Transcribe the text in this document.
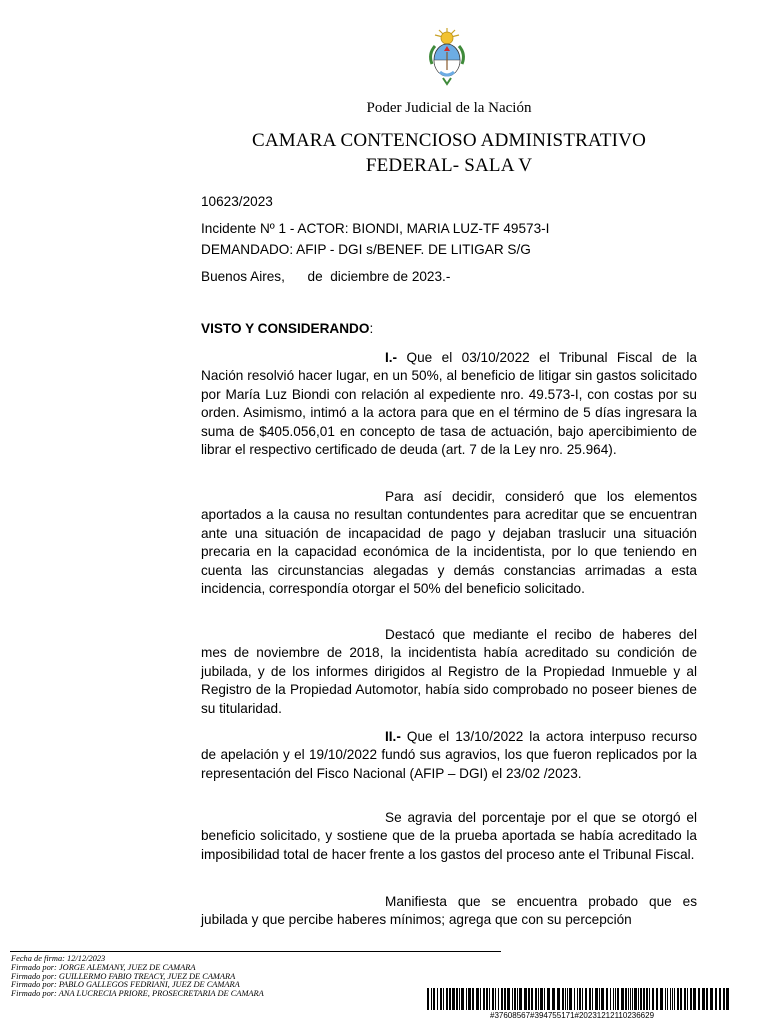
Poder Judicial de la Nación
CAMARA CONTENCIOSO ADMINISTRATIVO
FEDERAL- SALA V
10623/2023
Incidente Nº 1 - ACTOR: BIONDI, MARIA LUZ-TF 49573-I
DEMANDADO: AFIP - DGI s/BENEF. DE LITIGAR S/G
Buenos Aires,      de  diciembre de 2023.-
VISTO Y CONSIDERANDO:

I.- Que el 03/10/2022 el Tribunal Fiscal de la Nación resolvió hacer lugar, en un 50%, al beneficio de litigar sin gastos solicitado por María Luz Biondi con relación al expediente nro. 49.573-I, con costas por su orden. Asimismo, intimó a la actora para que en el término de 5 días ingresara la suma de $405.056,01 en concepto de tasa de actuación, bajo apercibimiento de librar el respectivo certificado de deuda (art. 7 de la Ley nro. 25.964).

Para así decidir, consideró que los elementos aportados a la causa no resultan contundentes para acreditar que se encuentran ante una situación de incapacidad de pago y dejaban traslucir una situación precaria en la capacidad económica de la incidentista, por lo que teniendo en cuenta las circunstancias alegadas y demás constancias arrimadas a esta incidencia, correspondía otorgar el 50% del beneficio solicitado.

Destacó que mediante el recibo de haberes del mes de noviembre de 2018, la incidentista había acreditado su condición de jubilada, y de los informes dirigidos al Registro de la Propiedad Inmueble y al Registro de la Propiedad Automotor, había sido comprobado no poseer bienes de su titularidad.

II.- Que el 13/10/2022 la actora interpuso recurso de apelación y el 19/10/2022 fundó sus agravios, los que fueron replicados por la representación del Fisco Nacional (AFIP – DGI) el 23/02 /2023.

Se agravia del porcentaje por el que se otorgó el beneficio solicitado, y sostiene que de la prueba aportada se había acreditado la imposibilidad total de hacer frente a los gastos del proceso ante el Tribunal Fiscal.

Manifiesta que se encuentra probado que es jubilada y que percibe haberes mínimos; agrega que con su percepción

Fecha de firma: 12/12/2023
Firmado por: JORGE ALEMANY, JUEZ DE CAMARA
Firmado por: GUILLERMO FABIO TREACY, JUEZ DE CAMARA
Firmado por: PABLO GALLEGOS FEDRIANI, JUEZ DE CAMARA
Firmado por: ANA LUCRECIA PRIORE, PROSECRETARIA DE CAMARA
#37608567#394755171#20231212110236629
